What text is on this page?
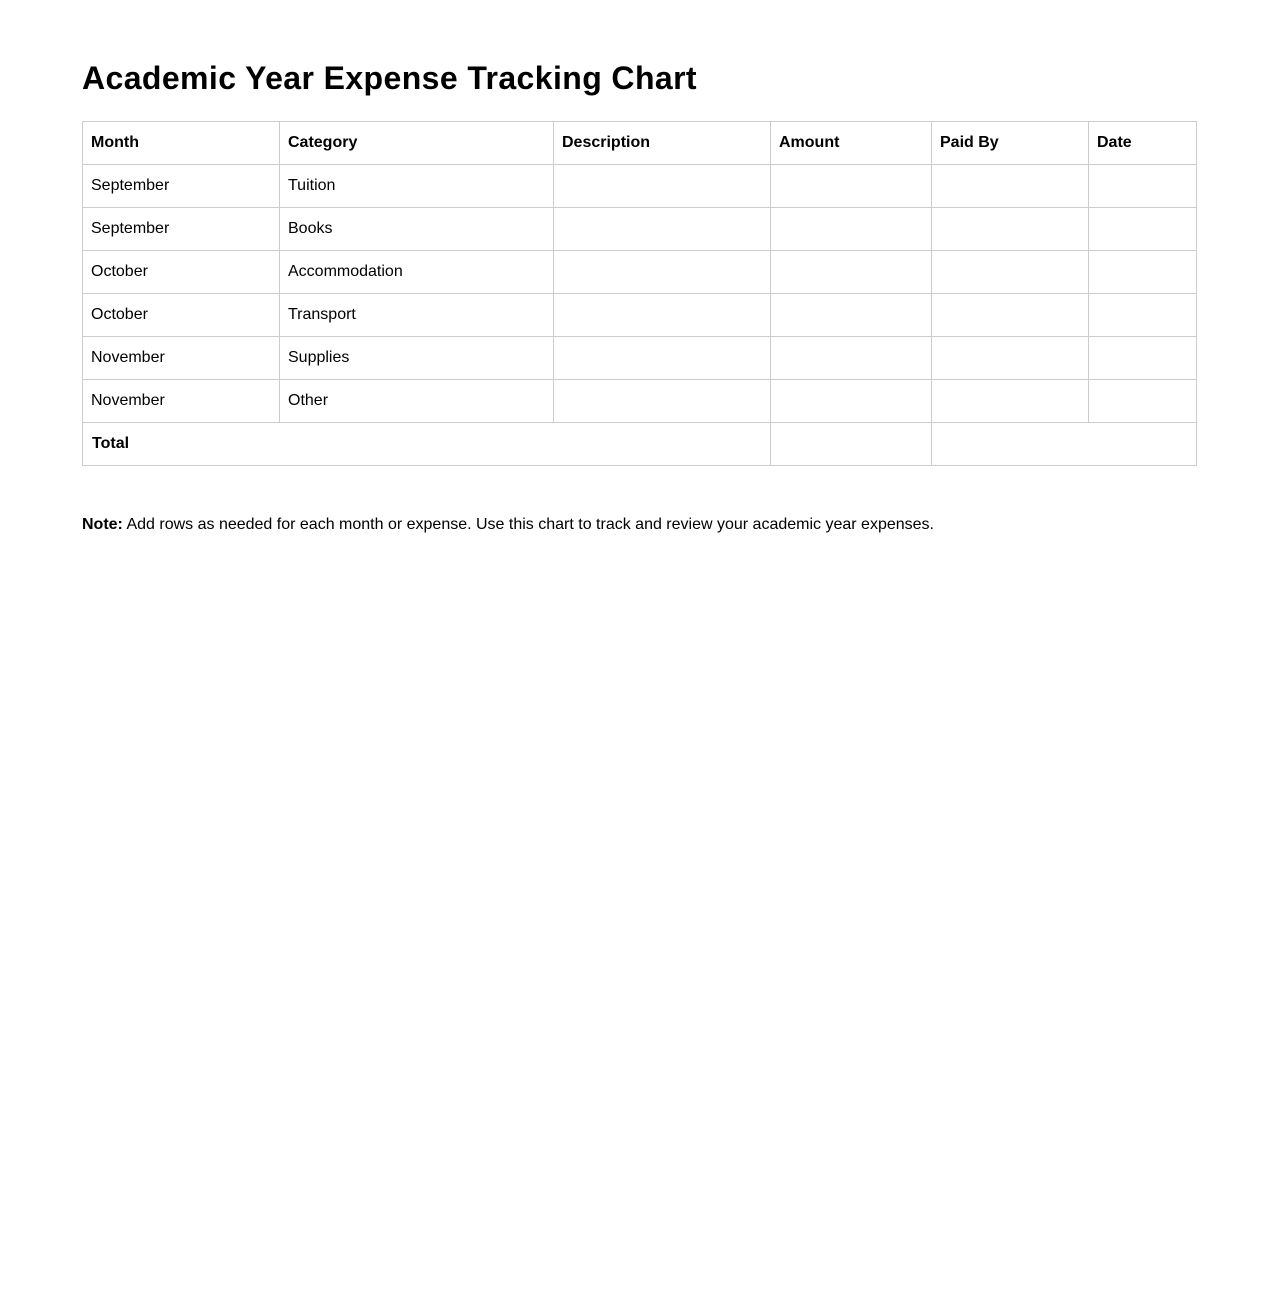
Academic Year Expense Tracking Chart
Month	Category	Description	Amount	Paid By	Date
September	Tuition				
September	Books				
October	Accommodation				
October	Transport				
November	Supplies				
November	Other				
Total					

Note: Add rows as needed for each month or expense. Use this chart to track and review your academic year expenses.
